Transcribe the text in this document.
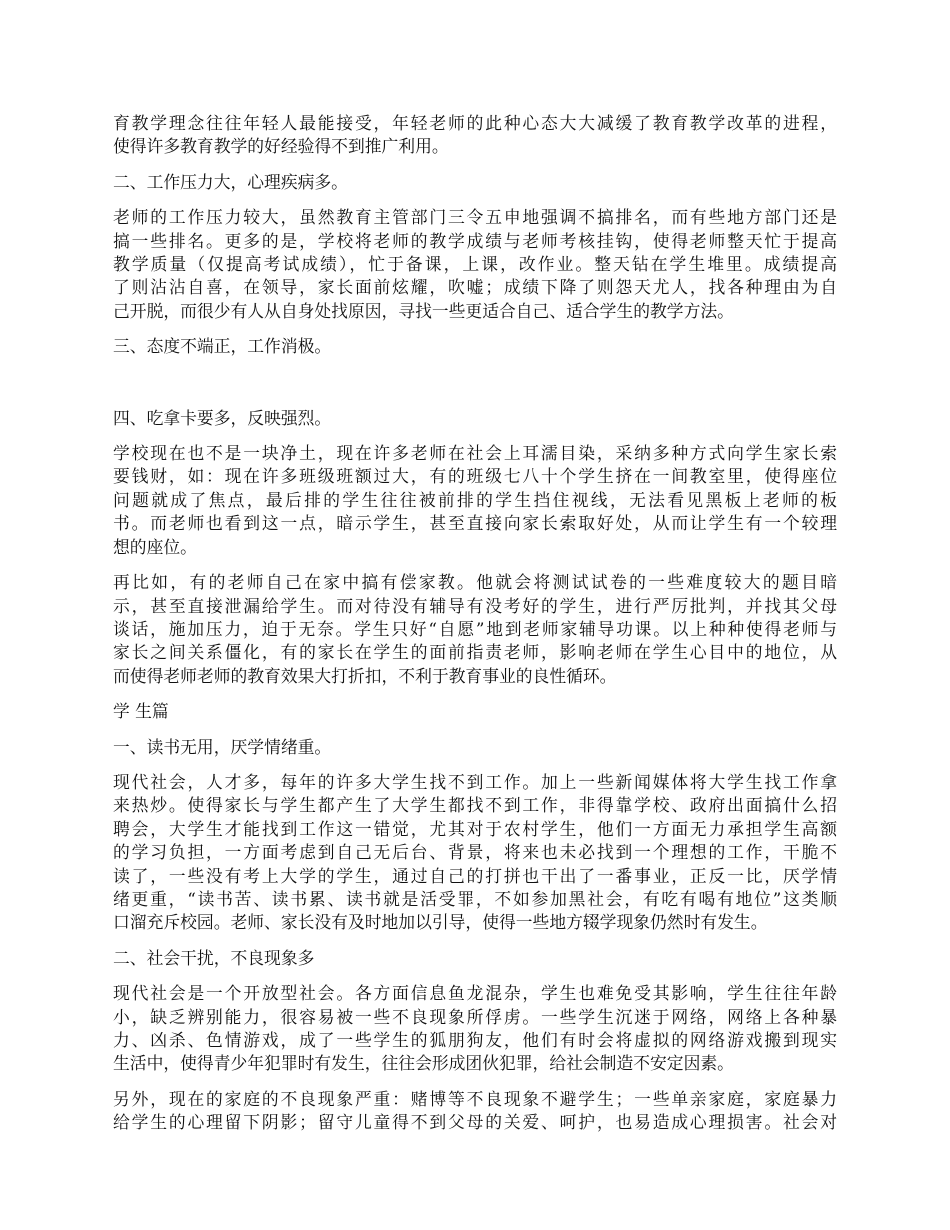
育教学理念往往年轻人最能接受，年轻老师的此种心态大大减缓了教育教学改革的进程，
使得许多教育教学的好经验得不到推广利用。
二、工作压力大，心理疾病多。
老师的工作压力较大，虽然教育主管部门三令五申地强调不搞排名，而有些地方部门还是
搞一些排名。更多的是，学校将老师的教学成绩与老师考核挂钩，使得老师整天忙于提高
教学质量（仅提高考试成绩），忙于备课，上课，改作业。整天钻在学生堆里。成绩提高
了则沾沾自喜，在领导，家长面前炫耀，吹嘘；成绩下降了则怨天尤人，找各种理由为自
己开脱，而很少有人从自身处找原因，寻找一些更适合自己、适合学生的教学方法。
三、态度不端正，工作消极。
四、吃拿卡要多，反映强烈。
学校现在也不是一块净土，现在许多老师在社会上耳濡目染，采纳多种方式向学生家长索
要钱财，如：现在许多班级班额过大，有的班级七八十个学生挤在一间教室里，使得座位
问题就成了焦点，最后排的学生往往被前排的学生挡住视线，无法看见黑板上老师的板
书。而老师也看到这一点，暗示学生，甚至直接向家长索取好处，从而让学生有一个较理
想的座位。
再比如，有的老师自己在家中搞有偿家教。他就会将测试试卷的一些难度较大的题目暗
示，甚至直接泄漏给学生。而对待没有辅导有没考好的学生，进行严厉批判，并找其父母
谈话，施加压力，迫于无奈。学生只好“自愿”地到老师家辅导功课。以上种种使得老师与
家长之间关系僵化，有的家长在学生的面前指责老师，影响老师在学生心目中的地位，从
而使得老师老师的教育效果大打折扣，不利于教育事业的良性循环。
学 生篇
一、读书无用，厌学情绪重。
现代社会，人才多，每年的许多大学生找不到工作。加上一些新闻媒体将大学生找工作拿
来热炒。使得家长与学生都产生了大学生都找不到工作，非得靠学校、政府出面搞什么招
聘会，大学生才能找到工作这一错觉，尤其对于农村学生，他们一方面无力承担学生高额
的学习负担，一方面考虑到自己无后台、背景，将来也未必找到一个理想的工作，干脆不
读了，一些没有考上大学的学生，通过自己的打拼也干出了一番事业，正反一比，厌学情
绪更重，“读书苦、读书累、读书就是活受罪，不如参加黑社会，有吃有喝有地位”这类顺
口溜充斥校园。老师、家长没有及时地加以引导，使得一些地方辍学现象仍然时有发生。
二、社会干扰，不良现象多
现代社会是一个开放型社会。各方面信息鱼龙混杂，学生也难免受其影响，学生往往年龄
小，缺乏辨别能力，很容易被一些不良现象所俘虏。一些学生沉迷于网络，网络上各种暴
力、凶杀、色情游戏，成了一些学生的狐朋狗友，他们有时会将虚拟的网络游戏搬到现实
生活中，使得青少年犯罪时有发生，往往会形成团伙犯罪，给社会制造不安定因素。
另外，现在的家庭的不良现象严重：赌博等不良现象不避学生；一些单亲家庭，家庭暴力
给学生的心理留下阴影；留守儿童得不到父母的关爱、呵护，也易造成心理损害。社会对
